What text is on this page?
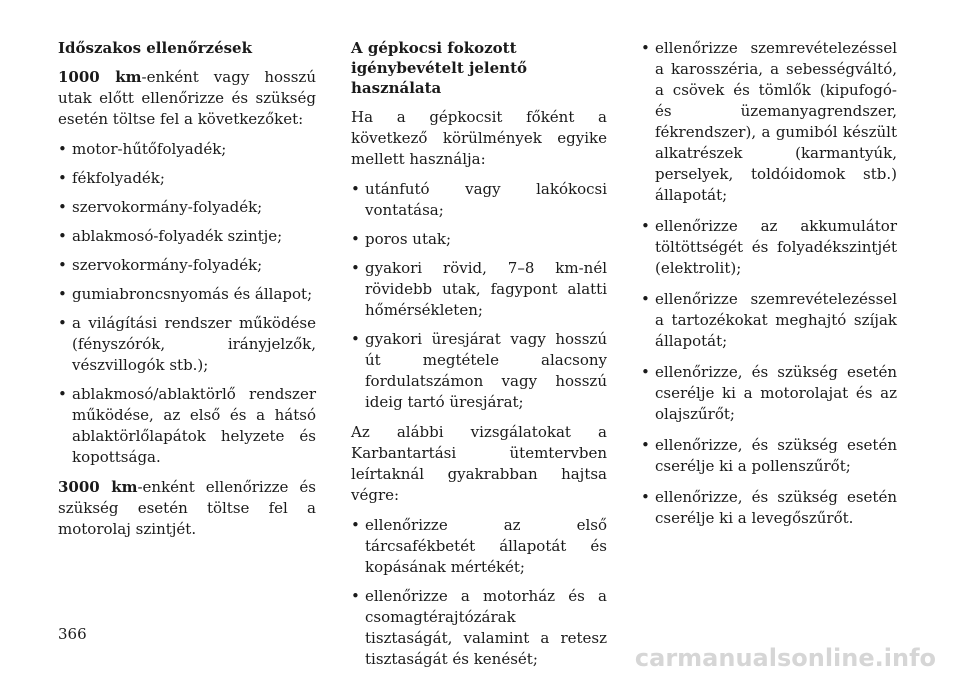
Időszakos ellenőrzések

1000 km-enként vagy hosszú utak előtt ellenőrizze és szükség esetén töltse fel a következőket:

• motor-hűtőfolyadék;
• fékfolyadék;
• szervokormány-folyadék;
• ablakmosó-folyadék szintje;
• szervokormány-folyadék;
• gumiabroncsnyomás és állapot;
• a világítási rendszer működése (fényszórók, irányjelzők, vészvillogók stb.);
• ablakmosó/ablaktörlő rendszer működése, az első és a hátsó ablaktörlőlapátok helyzete és kopottsága.

3000 km-enként ellenőrizze és szükség esetén töltse fel a motorolaj szintjét.

A gépkocsi fokozott igénybevételt jelentő használata

Ha a gépkocsit főként a következő körülmények egyike mellett használja:

• utánfutó vagy lakókocsi vontatása;
• poros utak;
• gyakori rövid, 7–8 km-nél rövidebb utak, fagypont alatti hőmérsékleten;
• gyakori üresjárat vagy hosszú út megtétele alacsony fordulatszámon vagy hosszú ideig tartó üresjárat;

Az alábbi vizsgálatokat a Karbantartási ütemtervben leírtaknál gyakrabban hajtsa végre:

• ellenőrizze az első tárcsafékbetét állapotát és kopásának mértékét;
• ellenőrizze a motorház és a csomagtérajtózárak tisztaságát, valamint a retesz tisztaságát és kenését;
• ellenőrizze szemrevételezéssel a karosszéria, a sebességváltó, a csövek és tömlők (kipufogó- és üzemanyagrendszer, fékrendszer), a gumiból készült alkatrészek (karmantyúk, perselyek, toldóidomok stb.) állapotát;
• ellenőrizze az akkumulátor töltöttségét és folyadékszintjét (elektrolit);
• ellenőrizze szemrevételezéssel a tartozékokat meghajtó szíjak állapotát;
• ellenőrizze, és szükség esetén cserélje ki a motorolajat és az olajszűrőt;
• ellenőrizze, és szükség esetén cserélje ki a pollenszűrőt;
• ellenőrizze, és szükség esetén cserélje ki a levegőszűrőt.
366
carmanualsonline.info
